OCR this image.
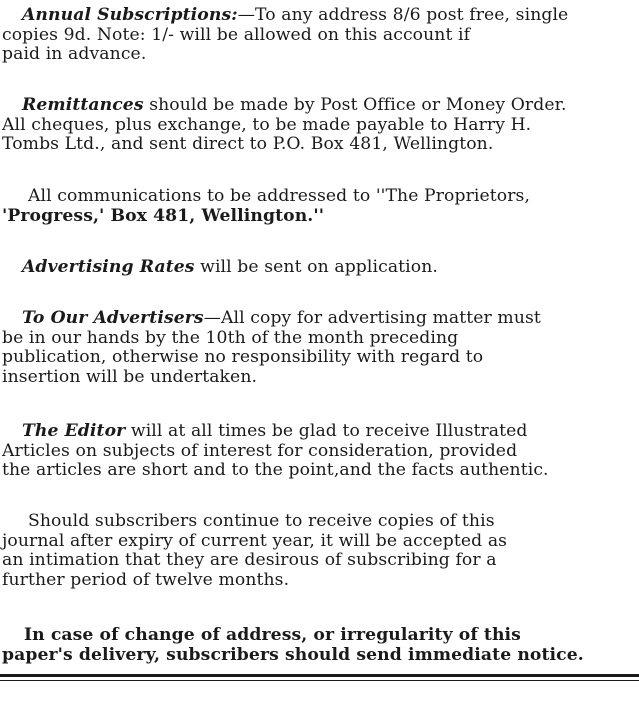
Annual Subscriptions:—To any address 8/6 post free, single
copies 9d. Note: 1/- will be allowed on this account if
paid in advance.
Remittances should be made by Post Office or Money Order.
All cheques, plus exchange, to be made payable to Harry H.
Tombs Ltd., and sent direct to P.O. Box 481, Wellington.
All communications to be addressed to ''The Proprietors,
'Progress,' Box 481, Wellington.''
Advertising Rates will be sent on application.
To Our Advertisers—All copy for advertising matter must
be in our hands by the 10th of the month preceding
publication, otherwise no responsibility with regard to
insertion will be undertaken.
The Editor will at all times be glad to receive Illustrated
Articles on subjects of interest for consideration, provided
the articles are short and to the point,and the facts authentic.
Should subscribers continue to receive copies of this
journal after expiry of current year, it will be accepted as
an intimation that they are desirous of subscribing for a
further period of twelve months.
In case of change of address, or irregularity of this
paper's delivery, subscribers should send immediate notice.
